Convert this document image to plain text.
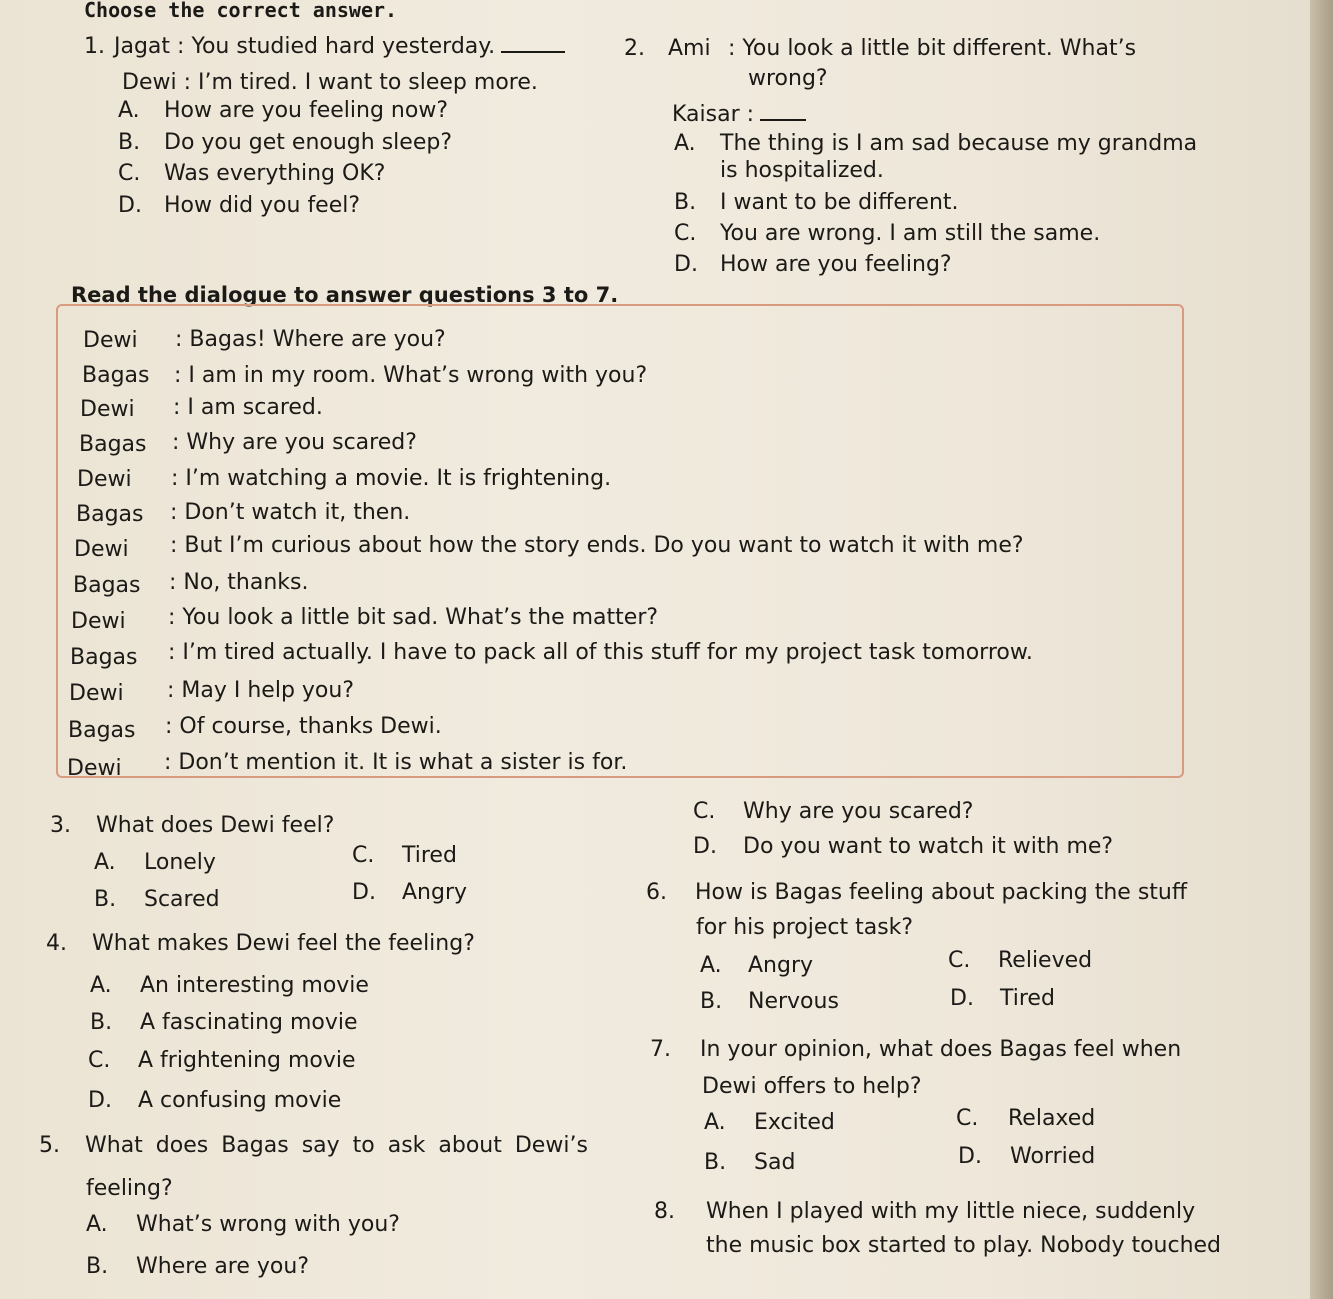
Choose the correct answer.
1. Jagat : You studied hard yesterday.
Dewi : I’m tired. I want to sleep more.
A. How are you feeling now?
B. Do you get enough sleep?
C. Was everything OK?
D. How did you feel?
2. Ami : You look a little bit different. What’s
wrong?
Kaisar :
A. The thing is I am sad because my grandma
is hospitalized.
B. I want to be different.
C. You are wrong. I am still the same.
D. How are you feeling?
Read the dialogue to answer questions 3 to 7.
Dewi : Bagas! Where are you?
Bagas : I am in my room. What’s wrong with you?
Dewi : I am scared.
Bagas : Why are you scared?
Dewi : I’m watching a movie. It is frightening.
Bagas : Don’t watch it, then.
Dewi : But I’m curious about how the story ends. Do you want to watch it with me?
Bagas : No, thanks.
Dewi : You look a little bit sad. What’s the matter?
Bagas : I’m tired actually. I have to pack all of this stuff for my project task tomorrow.
Dewi : May I help you?
Bagas : Of course, thanks Dewi.
Dewi : Don’t mention it. It is what a sister is for.
3. What does Dewi feel?
A. Lonely	C. Tired
B. Scared	D. Angry
4. What makes Dewi feel the feeling?
A. An interesting movie
B. A fascinating movie
C. A frightening movie
D. A confusing movie
5. What does Bagas say to ask about Dewi’s
feeling?
A. What’s wrong with you?
B. Where are you?
C. Why are you scared?
D. Do you want to watch it with me?
6. How is Bagas feeling about packing the stuff
for his project task?
A. Angry	C. Relieved
B. Nervous	D. Tired
7. In your opinion, what does Bagas feel when
Dewi offers to help?
A. Excited	C. Relaxed
B. Sad	D. Worried
8. When I played with my little niece, suddenly
the music box started to play. Nobody touched
